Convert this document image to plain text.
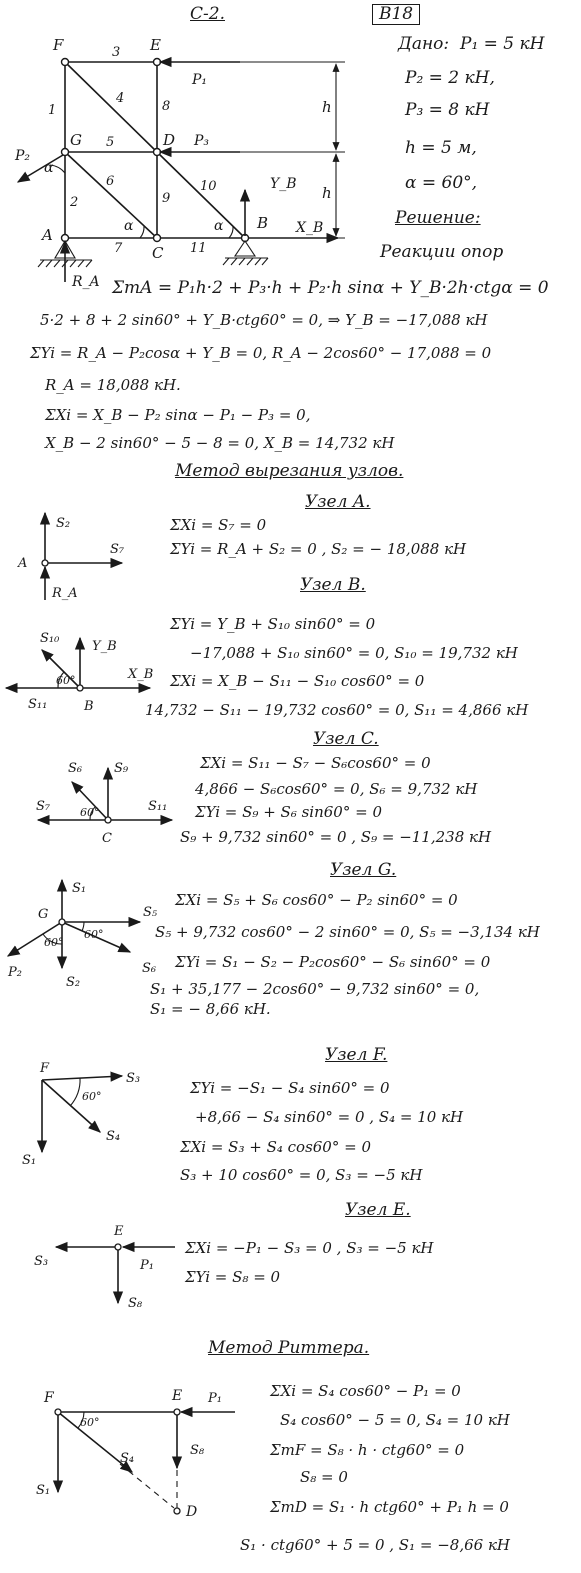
С-2.	В18
Дано: P₁ = 5 кН
P₂ = 2 кН,
P₃ = 8 кН
h = 5 м,
α = 60°,
Решение:
Реакции опор
F	E
G	D
A
C
B
1
2
3
4
5
6
7
8
9
10
11
P₁
P₃
P₂
R_A
Y_B
X_B
h
h
α
α	α
ΣmA = P₁h·2 + P₃·h + P₂·h sinα + Y_B·2h·ctgα = 0
5·2 + 8 + 2 sin60° + Y_B·ctg60° = 0, ⇒ Y_B = −17,088 кН
ΣYi = R_A − P₂cosα + Y_B = 0, R_A − 2cos60° − 17,088 = 0
R_A = 18,088 кН.
ΣXi = X_B − P₂ sinα − P₁ − P₃ = 0,
X_B − 2 sin60° − 5 − 8 = 0, X_B = 14,732 кН
Метод вырезания узлов.
Узел A.
S₂
S₇
A
R_A
ΣXi = S₇ = 0
ΣYi = R_A + S₂ = 0 , S₂ = − 18,088 кН
Узел B.
S₁₀
Y_B
X_B
S₁₁	B
60°
ΣYi = Y_B + S₁₀ sin60° = 0
−17,088 + S₁₀ sin60° = 0, S₁₀ = 19,732 кН
ΣXi = X_B − S₁₁ − S₁₀ cos60° = 0
14,732 − S₁₁ − 19,732 cos60° = 0, S₁₁ = 4,866 кН
Узел C.
S₆ S₉
S₇	S₁₁
C
60°
ΣXi = S₁₁ − S₇ − S₆cos60° = 0
4,866 − S₆cos60° = 0, S₆ = 9,732 кН
ΣYi = S₉ + S₆ sin60° = 0
S₉ + 9,732 sin60° = 0 , S₉ = −11,238 кН
Узел G.
S₁
S₅
S₆
S₂
P₂
G
60°
60°
ΣXi = S₅ + S₆ cos60° − P₂ sin60° = 0
S₅ + 9,732 cos60° − 2 sin60° = 0, S₅ = −3,134 кН
ΣYi = S₁ − S₂ − P₂cos60° − S₆ sin60° = 0
S₁ + 35,177 − 2cos60° − 9,732 sin60° = 0,
S₁ = − 8,66 кН.
Узел F.
F
S₃
S₄
S₁
60°	ΣYi = −S₁ − S₄ sin60° = 0
+8,66 − S₄ sin60° = 0 , S₄ = 10 кН
ΣXi = S₃ + S₄ cos60° = 0
S₃ + 10 cos60° = 0, S₃ = −5 кН
Узел E.
E
S₃	P₁
S₈
ΣXi = −P₁ − S₃ = 0 , S₃ = −5 кН
ΣYi = S₈ = 0
Метод Риттера.
F	E
D
P₁
S₈
S₄
S₁
60°
ΣXi = S₄ cos60° − P₁ = 0
S₄ cos60° − 5 = 0, S₄ = 10 кН
ΣmF = S₈ · h · ctg60° = 0
S₈ = 0
ΣmD = S₁ · h ctg60° + P₁ h = 0
S₁ · ctg60° + 5 = 0 , S₁ = −8,66 кН
